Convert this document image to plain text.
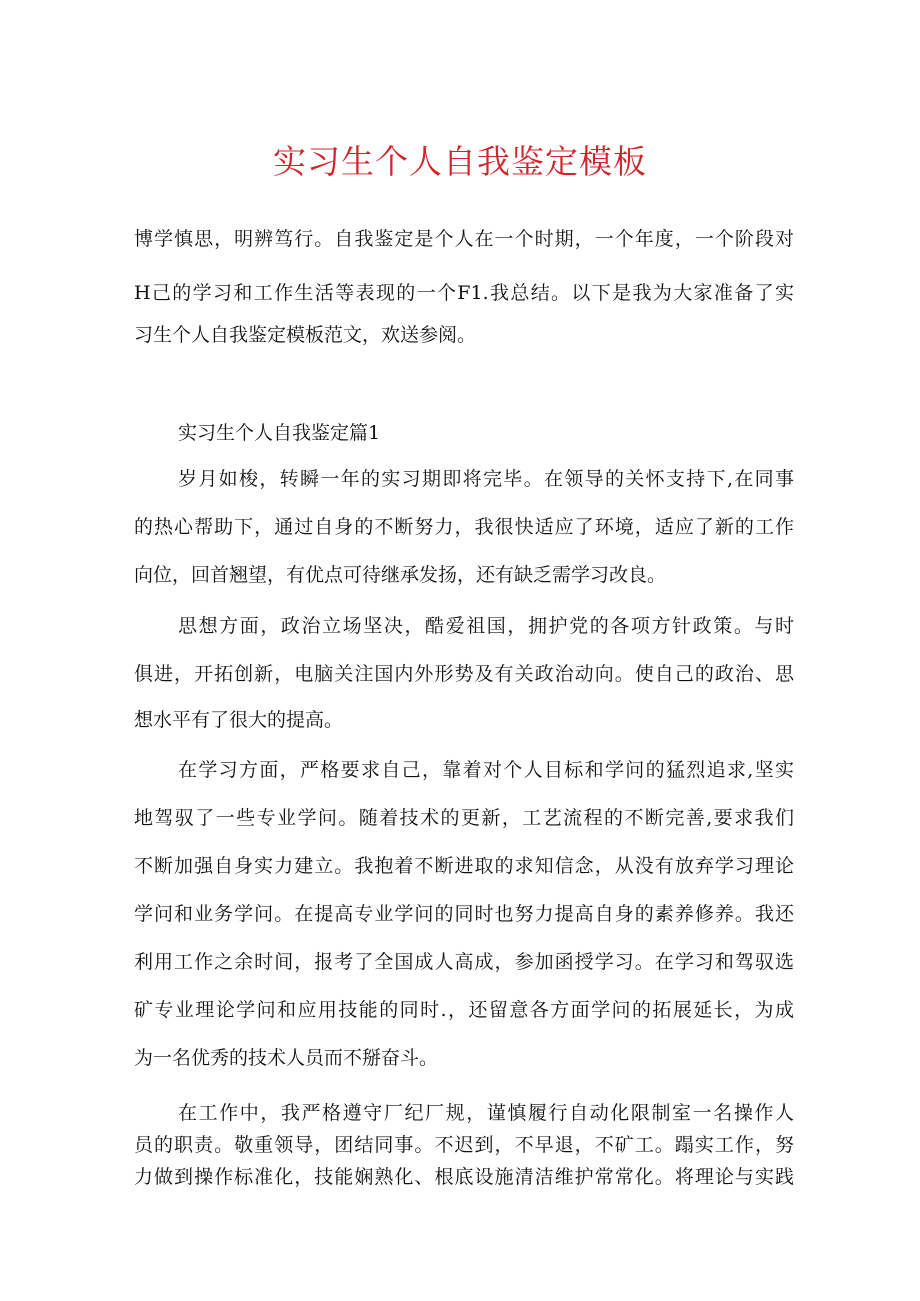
实习生个人自我鉴定模板
博学慎思，明辨笃行。自我鉴定是个人在一个时期，一个年度，一个阶段对
H己的学习和工作生活等表现的一个F1.我总结。以下是我为大家准备了实
习生个人自我鉴定模板范文，欢送参阅。
实习生个人自我鉴定篇1
岁月如梭，转瞬一年的实习期即将完毕。在领导的关怀支持下,在同事
的热心帮助下，通过自身的不断努力，我很快适应了环境，适应了新的工作
向位，回首翘望，有优点可待继承发扬，还有缺乏需学习改良。
思想方面，政治立场坚决，酷爱祖国，拥护党的各项方针政策。与时
俱进，开拓创新，电脑关注国内外形势及有关政治动向。使自己的政治、思
想水平有了很大的提高。
在学习方面，严格要求自己，靠着对个人目标和学问的猛烈追求,坚实
地驾驭了一些专业学问。随着技术的更新，工艺流程的不断完善,要求我们
不断加强自身实力建立。我抱着不断进取的求知信念，从没有放弃学习理论
学问和业务学问。在提高专业学问的同时也努力提高自身的素养修养。我还
利用工作之余时间，报考了全国成人高成，参加函授学习。在学习和驾驭选
矿专业理论学问和应用技能的同时.，还留意各方面学问的拓展延长，为成
为一名优秀的技术人员而不掰奋斗。
在工作中，我严格遵守厂纪厂规，谨慎履行自动化限制室一名操作人
员的职责。敬重领导，团结同事。不迟到，不早退，不矿工。蹋实工作，努
力做到操作标准化，技能娴熟化、根底设施清洁维护常常化。将理论与实践
